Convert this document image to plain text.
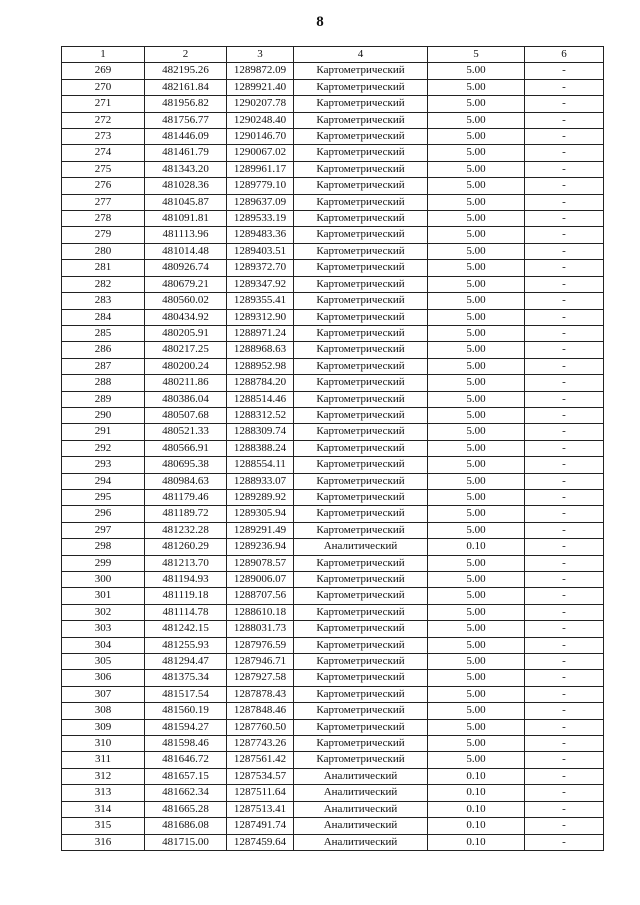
8
1	2	3	4	5	6
269	482195.26	1289872.09	Картометрический	5.00	-
270	482161.84	1289921.40	Картометрический	5.00	-
271	481956.82	1290207.78	Картометрический	5.00	-
272	481756.77	1290248.40	Картометрический	5.00	-
273	481446.09	1290146.70	Картометрический	5.00	-
274	481461.79	1290067.02	Картометрический	5.00	-
275	481343.20	1289961.17	Картометрический	5.00	-
276	481028.36	1289779.10	Картометрический	5.00	-
277	481045.87	1289637.09	Картометрический	5.00	-
278	481091.81	1289533.19	Картометрический	5.00	-
279	481113.96	1289483.36	Картометрический	5.00	-
280	481014.48	1289403.51	Картометрический	5.00	-
281	480926.74	1289372.70	Картометрический	5.00	-
282	480679.21	1289347.92	Картометрический	5.00	-
283	480560.02	1289355.41	Картометрический	5.00	-
284	480434.92	1289312.90	Картометрический	5.00	-
285	480205.91	1288971.24	Картометрический	5.00	-
286	480217.25	1288968.63	Картометрический	5.00	-
287	480200.24	1288952.98	Картометрический	5.00	-
288	480211.86	1288784.20	Картометрический	5.00	-
289	480386.04	1288514.46	Картометрический	5.00	-
290	480507.68	1288312.52	Картометрический	5.00	-
291	480521.33	1288309.74	Картометрический	5.00	-
292	480566.91	1288388.24	Картометрический	5.00	-
293	480695.38	1288554.11	Картометрический	5.00	-
294	480984.63	1288933.07	Картометрический	5.00	-
295	481179.46	1289289.92	Картометрический	5.00	-
296	481189.72	1289305.94	Картометрический	5.00	-
297	481232.28	1289291.49	Картометрический	5.00	-
298	481260.29	1289236.94	Аналитический	0.10	-
299	481213.70	1289078.57	Картометрический	5.00	-
300	481194.93	1289006.07	Картометрический	5.00	-
301	481119.18	1288707.56	Картометрический	5.00	-
302	481114.78	1288610.18	Картометрический	5.00	-
303	481242.15	1288031.73	Картометрический	5.00	-
304	481255.93	1287976.59	Картометрический	5.00	-
305	481294.47	1287946.71	Картометрический	5.00	-
306	481375.34	1287927.58	Картометрический	5.00	-
307	481517.54	1287878.43	Картометрический	5.00	-
308	481560.19	1287848.46	Картометрический	5.00	-
309	481594.27	1287760.50	Картометрический	5.00	-
310	481598.46	1287743.26	Картометрический	5.00	-
311	481646.72	1287561.42	Картометрический	5.00	-
312	481657.15	1287534.57	Аналитический	0.10	-
313	481662.34	1287511.64	Аналитический	0.10	-
314	481665.28	1287513.41	Аналитический	0.10	-
315	481686.08	1287491.74	Аналитический	0.10	-
316	481715.00	1287459.64	Аналитический	0.10	-
